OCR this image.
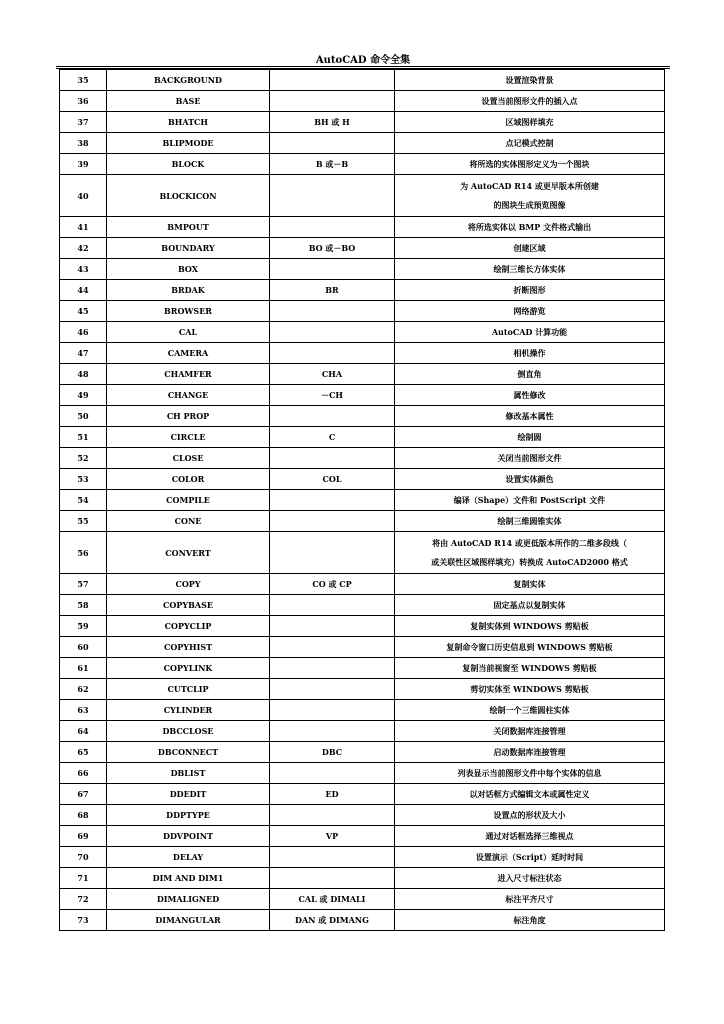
AutoCAD 命令全集
35	BACKGROUND		设置渲染背景

36	BASE		设置当前图形文件的插入点

37	BHATCH	BH 或 H	区域图样填充

38	BLIPMODE		点记模式控制

39	BLOCK	B 或－B	将所选的实体图形定义为一个图块

40	BLOCKICON		为 AutoCAD R14 或更早版本所创建
的图块生成预览图像

41	BMPOUT		将所选实体以 BMP 文件格式输出

42	BOUNDARY	BO 或－BO	创建区域

43	BOX		绘制三维长方体实体

44	BRDAK	BR	折断图形

45	BROWSER		网络游览

46	CAL		AutoCAD 计算功能

47	CAMERA		相机操作

48	CHAMFER	CHA	倒直角

49	CHANGE	－CH	属性修改

50	CH PROP		修改基本属性

51	CIRCLE	C	绘制圆

52	CLOSE		关闭当前图形文件

53	COLOR	COL	设置实体颜色

54	COMPILE		编译（Shape）文件和 PostScript 文件

55	CONE		绘制三维圆锥实体

56	CONVERT		将由 AutoCAD R14 或更低版本所作的二维多段线（
或关联性区域图样填充）转换成 AutoCAD2000 格式

57	COPY	CO 或 CP	复制实体

58	COPYBASE		固定基点以复制实体

59	COPYCLIP		复制实体到 WINDOWS 剪贴板

60	COPYHIST		复制命令窗口历史信息到 WINDOWS 剪贴板

61	COPYLINK		复制当前视窗至 WINDOWS 剪贴板

62	CUTCLIP		剪切实体至 WINDOWS 剪贴板

63	CYLINDER		绘制一个三维圆柱实体

64	DBCCLOSE		关闭数据库连接管理

65	DBCONNECT	DBC	启动数据库连接管理

66	DBLIST		列表显示当前图形文件中每个实体的信息

67	DDEDIT	ED	以对话框方式编辑文本或属性定义

68	DDPTYPE		设置点的形状及大小

69	DDVPOINT	VP	通过对话框选择三维视点

70	DELAY		设置演示（Script）延时时间

71	DIM AND DIM1		进入尺寸标注状态

72	DIMALIGNED	CAL 或 DIMALI	标注平齐尺寸

73	DIMANGULAR	DAN 或 DIMANG	标注角度
